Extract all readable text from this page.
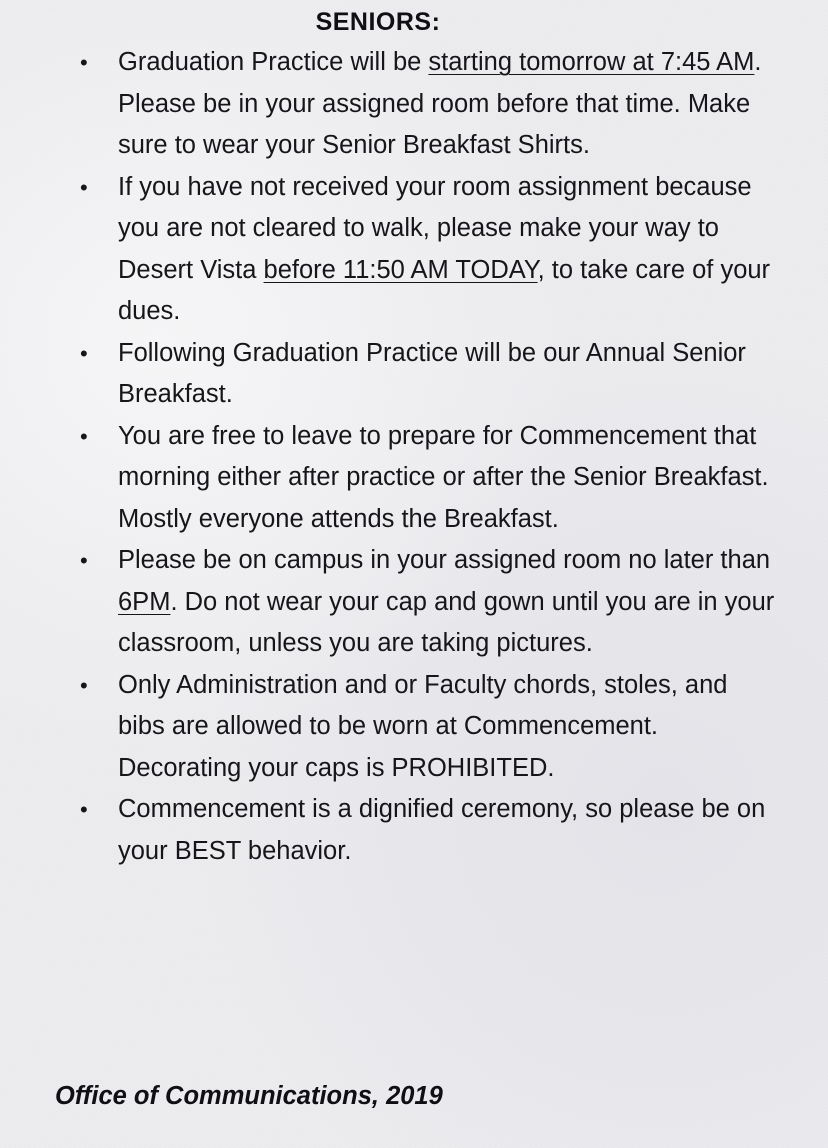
SENIORS:
• Graduation Practice will be starting tomorrow at 7:45 AM. Please be in your assigned room before that time. Make sure to wear your Senior Breakfast Shirts.
• If you have not received your room assignment because you are not cleared to walk, please make your way to Desert Vista before 11:50 AM TODAY, to take care of your dues.
• Following Graduation Practice will be our Annual Senior Breakfast.
• You are free to leave to prepare for Commencement that morning either after practice or after the Senior Breakfast. Mostly everyone attends the Breakfast.
• Please be on campus in your assigned room no later than 6PM. Do not wear your cap and gown until you are in your classroom, unless you are taking pictures.
• Only Administration and or Faculty chords, stoles, and bibs are allowed to be worn at Commencement. Decorating your caps is PROHIBITED.
• Commencement is a dignified ceremony, so please be on your BEST behavior.
Office of Communications, 2019
